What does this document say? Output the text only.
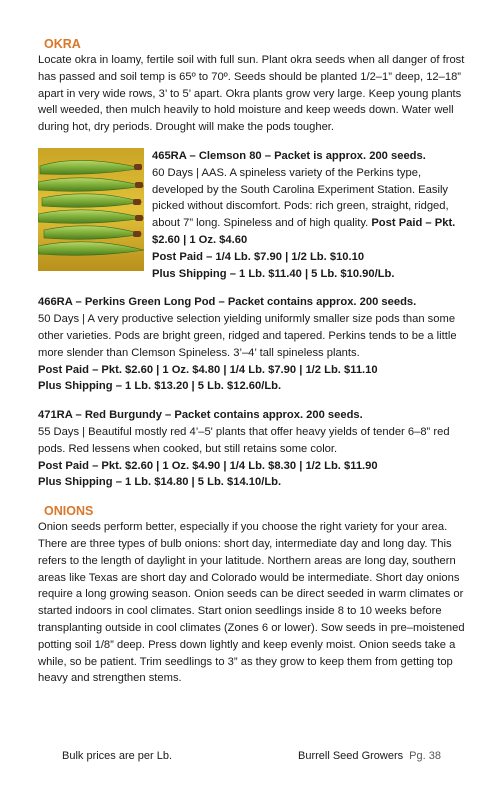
OKRA

Locate okra in loamy, fertile soil with full sun. Plant okra seeds when all danger of frost has passed and soil temp is 65º to 70º. Seeds should be planted 1/2–1” deep, 12–18” apart in very wide rows, 3’ to 5’ apart. Okra plants grow very large. Keep young plants well weeded, then mulch heavily to hold moisture and keep weeds down. Water well during hot, dry periods. Drought will make the pods tougher.

465RA – Clemson 80 – Packet is approx. 200 seeds.

60 Days | AAS. A spineless variety of the Perkins type, developed by the South Carolina Experiment Station. Easily picked without discomfort. Pods: rich green, straight, ridged, about 7” long. Spineless and of high quality. Post Paid – Pkt. $2.60 | 1 Oz. $4.60

Post Paid – 1/4 Lb. $7.90 | 1/2 Lb. $10.10

Plus Shipping – 1 Lb. $11.40 | 5 Lb. $10.90/Lb.

466RA – Perkins Green Long Pod – Packet contains approx. 200 seeds.

50 Days | A very productive selection yielding uniformly smaller size pods than some other varieties. Pods are bright green, ridged and tapered. Perkins tends to be a little more slender than Clemson Spineless. 3’–4’ tall spineless plants.

Post Paid – Pkt. $2.60 | 1 Oz. $4.80 | 1/4 Lb. $7.90 | 1/2 Lb. $11.10

Plus Shipping – 1 Lb. $13.20 | 5 Lb. $12.60/Lb.

471RA – Red Burgundy – Packet contains approx. 200 seeds.

55 Days | Beautiful mostly red 4’–5' plants that offer heavy yields of tender 6–8” red pods. Red lessens when cooked, but still retains some color.

Post Paid – Pkt. $2.60 | 1 Oz. $4.90 | 1/4 Lb. $8.30 | 1/2 Lb. $11.90

Plus Shipping – 1 Lb. $14.80 | 5 Lb. $14.10/Lb.

ONIONS

Onion seeds perform better, especially if you choose the right variety for your area. There are three types of bulb onions: short day, intermediate day and long day. This refers to the length of daylight in your latitude. Northern areas are long day, southern areas like Texas are short day and Colorado would be intermediate. Short day onions require a long growing season. Onion seeds can be direct seeded in warm climates or started indoors in cool climates. Start onion seedlings inside 8 to 10 weeks before transplanting outside in cool climates (Zones 6 or lower). Sow seeds in pre–moistened potting soil 1/8” deep. Press down lightly and keep evenly moist. Onion seeds take a while, so be patient. Trim seedlings to 3” as they grow to keep them from getting top heavy and strengthen stems.

Bulk prices are per Lb.	Burrell Seed Growers Pg. 38
